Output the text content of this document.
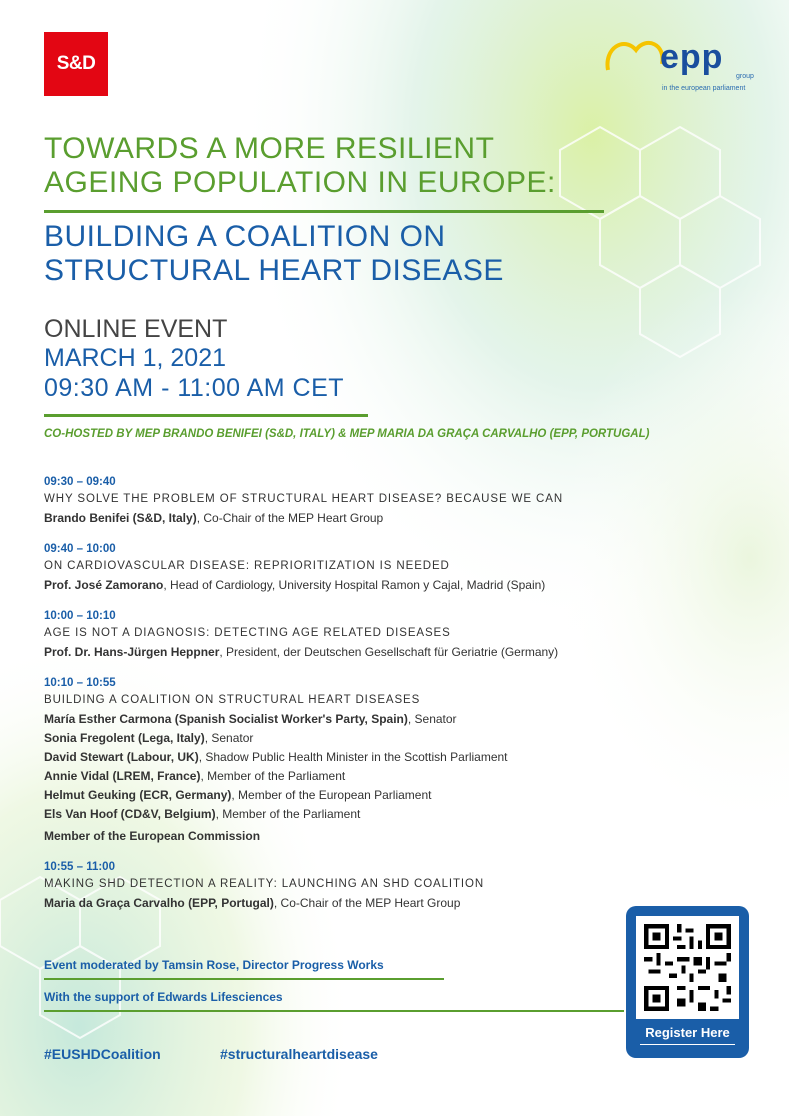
S&D	epp
group
in the european parliament
TOWARDS A MORE RESILIENT
AGEING POPULATION IN EUROPE:
BUILDING A COALITION ON
STRUCTURAL HEART DISEASE
ONLINE EVENT
MARCH 1, 2021
09:30 AM - 11:00 AM CET
CO-HOSTED BY MEP BRANDO BENIFEI (S&D, ITALY) & MEP MARIA DA GRAÇA CARVALHO (EPP, PORTUGAL)
09:30 – 09:40
WHY SOLVE THE PROBLEM OF STRUCTURAL HEART DISEASE? BECAUSE WE CAN
Brando Benifei (S&D, Italy), Co-Chair of the MEP Heart Group
09:40 – 10:00
ON CARDIOVASCULAR DISEASE: REPRIORITIZATION IS NEEDED
Prof. José Zamorano, Head of Cardiology, University Hospital Ramon y Cajal, Madrid (Spain)
10:00 – 10:10
AGE IS NOT A DIAGNOSIS: DETECTING AGE RELATED DISEASES
Prof. Dr. Hans-Jürgen Heppner, President, der Deutschen Gesellschaft für Geriatrie (Germany)
10:10 – 10:55
BUILDING A COALITION ON STRUCTURAL HEART DISEASES
María Esther Carmona (Spanish Socialist Worker's Party, Spain), Senator
Sonia Fregolent (Lega, Italy), Senator
David Stewart (Labour, UK), Shadow Public Health Minister in the Scottish Parliament
Annie Vidal (LREM, France), Member of the Parliament
Helmut Geuking (ECR, Germany), Member of the European Parliament
Els Van Hoof (CD&V, Belgium), Member of the Parliament
Member of the European Commission
10:55 – 11:00
MAKING SHD DETECTION A REALITY: LAUNCHING AN SHD COALITION
Maria da Graça Carvalho (EPP, Portugal), Co-Chair of the MEP Heart Group
Event moderated by Tamsin Rose, Director Progress Works
With the support of Edwards Lifesciences
#EUSHDCoalition	#structuralheartdisease
Register Here
